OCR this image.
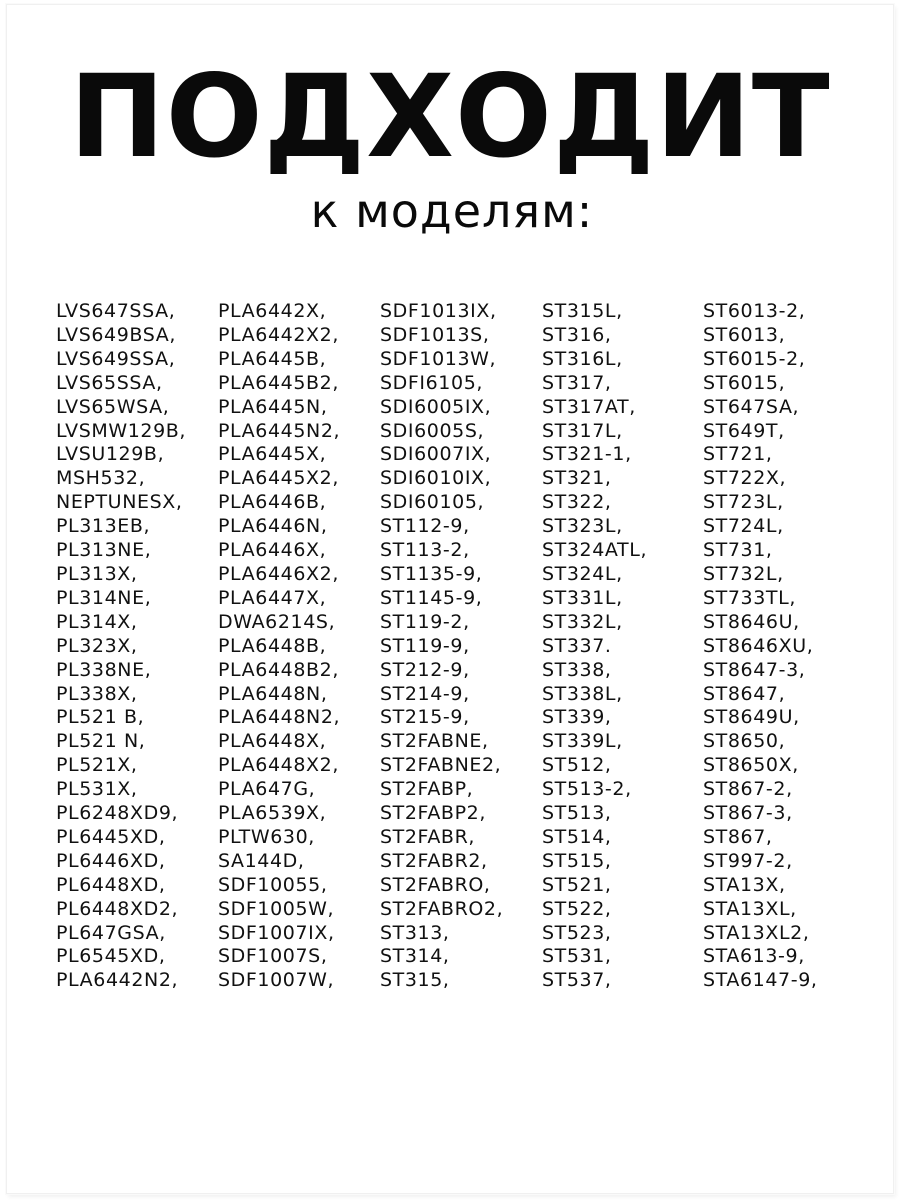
ПОДХОДИТ
к моделям:
LVS647SSA,
LVS649BSA,
LVS649SSA,
LVS65SSA,
LVS65WSA,
LVSMW129B,
LVSU129B,
MSH532,
NEPTUNESX,
PL313EB,
PL313NE,
PL313X,
PL314NE,
PL314X,
PL323X,
PL338NE,
PL338X,
PL521 B,
PL521 N,
PL521X,
PL531X,
PL6248XD9,
PL6445XD,
PL6446XD,
PL6448XD,
PL6448XD2,
PL647GSA,
PL6545XD,
PLA6442N2,
PLA6442X,
PLA6442X2,
PLA6445B,
PLA6445B2,
PLA6445N,
PLA6445N2,
PLA6445X,
PLA6445X2,
PLA6446B,
PLA6446N,
PLA6446X,
PLA6446X2,
PLA6447X,
DWA6214S,
PLA6448B,
PLA6448B2,
PLA6448N,
PLA6448N2,
PLA6448X,
PLA6448X2,
PLA647G,
PLA6539X,
PLTW630,
SA144D,
SDF10055,
SDF1005W,
SDF1007IX,
SDF1007S,
SDF1007W,
SDF1013IX,
SDF1013S,
SDF1013W,
SDFI6105,
SDI6005IX,
SDI6005S,
SDI6007IX,
SDI6010IX,
SDI60105,
ST112-9,
ST113-2,
ST1135-9,
ST1145-9,
ST119-2,
ST119-9,
ST212-9,
ST214-9,
ST215-9,
ST2FABNE,
ST2FABNE2,
ST2FABP,
ST2FABP2,
ST2FABR,
ST2FABR2,
ST2FABRO,
ST2FABRO2,
ST313,
ST314,
ST315,
ST315L,
ST316,
ST316L,
ST317,
ST317AT,
ST317L,
ST321-1,
ST321,
ST322,
ST323L,
ST324ATL,
ST324L,
ST331L,
ST332L,
ST337.
ST338,
ST338L,
ST339,
ST339L,
ST512,
ST513-2,
ST513,
ST514,
ST515,
ST521,
ST522,
ST523,
ST531,
ST537,
ST6013-2,
ST6013,
ST6015-2,
ST6015,
ST647SA,
ST649T,
ST721,
ST722X,
ST723L,
ST724L,
ST731,
ST732L,
ST733TL,
ST8646U,
ST8646XU,
ST8647-3,
ST8647,
ST8649U,
ST8650,
ST8650X,
ST867-2,
ST867-3,
ST867,
ST997-2,
STA13X,
STA13XL,
STA13XL2,
STA613-9,
STA6147-9,
